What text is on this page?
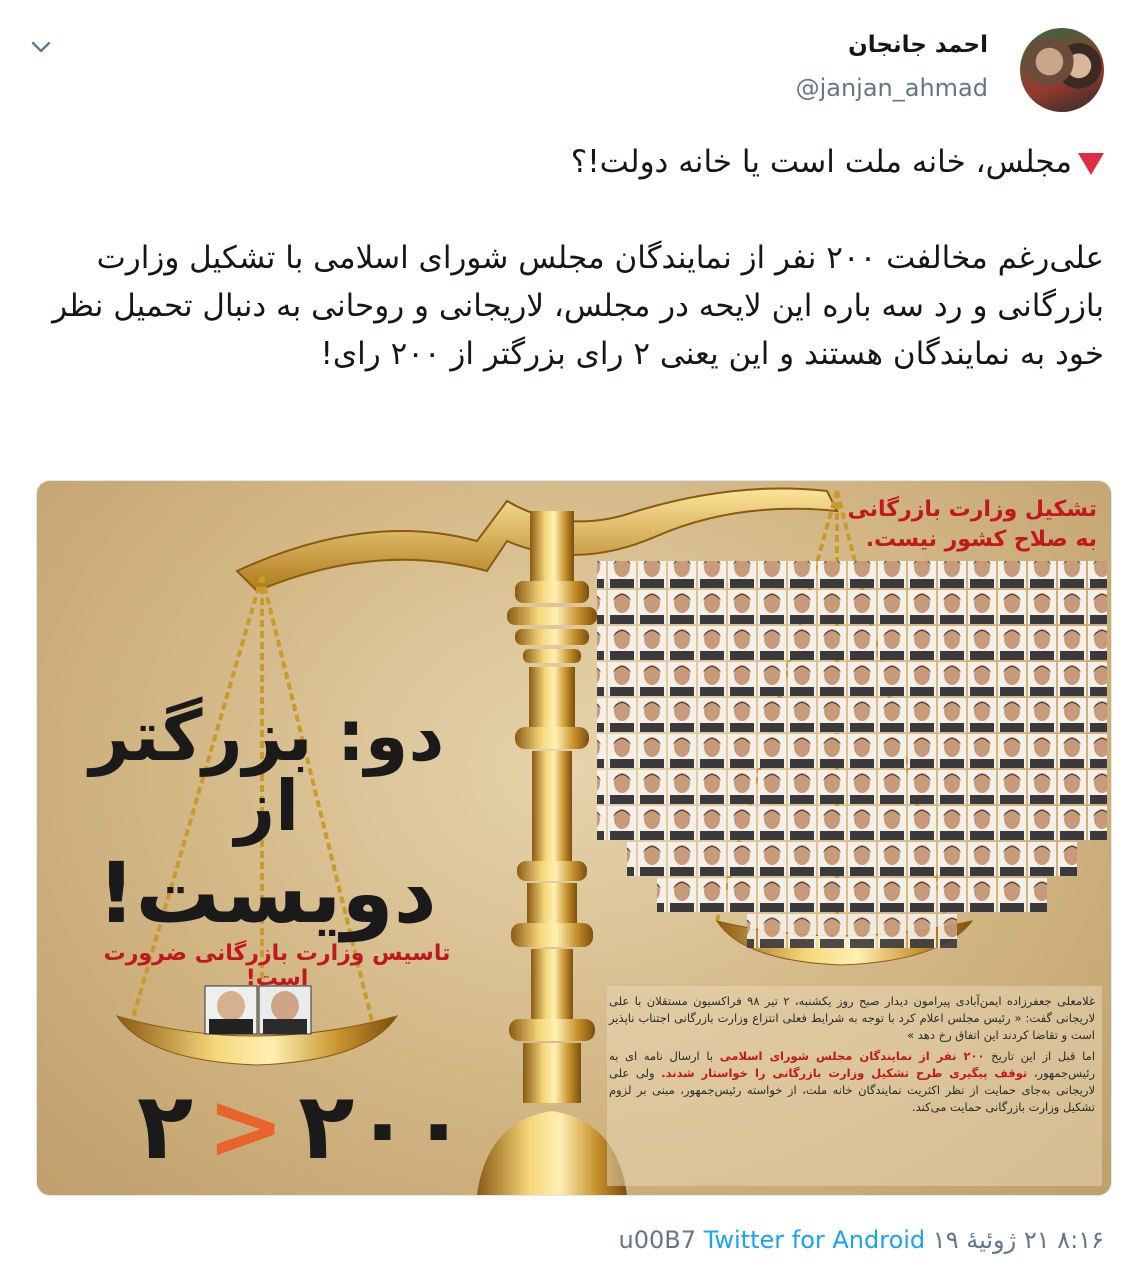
احمد جانجان
@janjan_ahmad
مجلس، خانه ملت است یا خانه دولت!؟

علی‌رغم مخالفت ۲۰۰ نفر از نمایندگان مجلس شورای اسلامی با تشکیل وزارت بازرگانی و رد سه باره این لایحه در مجلس، لاریجانی و روحانی به دنبال تحمیل نظر خود به نمایندگان هستند و این یعنی ۲ رای بزرگتر از ۲۰۰ رای!
دو: بزرگتر از
دویست!
تاسیس وزارت بازرگانی ضرورت است!
تشکیل وزارت بازرگانی
به صلاح کشور نیست.
۲ > ۲۰۰
غلامعلی جعفرزاده ایمن‌آبادی پیرامون دیدار صبح روز یکشنبه، ۲ تیر ۹۸ فراکسیون مستقلان با علی لاریجانی گفت: « رئیس مجلس اعلام کرد با توجه به شرایط فعلی انتزاع وزارت بازرگانی اجتناب ناپذیر است و تقاضا کردند این اتفاق رخ دهد »
اما قبل از این تاریخ ۲۰۰ نفر از نمایندگان مجلس شورای اسلامی با ارسال نامه ای به رئیس‌جمهور، توقف پیگیری طرح تشکیل وزارت بازرگانی را خواستار شدند. ولی علی لاریجانی به‌جای حمایت از نظر اکثریت نمایندگان خانه ملت، از خواسته رئیس‌جمهور، مبنی بر لزوم تشکیل وزارت بازرگانی حمایت می‌کند.
۸:۱۶ ۲۱ ژوئیهٔ ۱۹ u00B7 Twitter for Android
